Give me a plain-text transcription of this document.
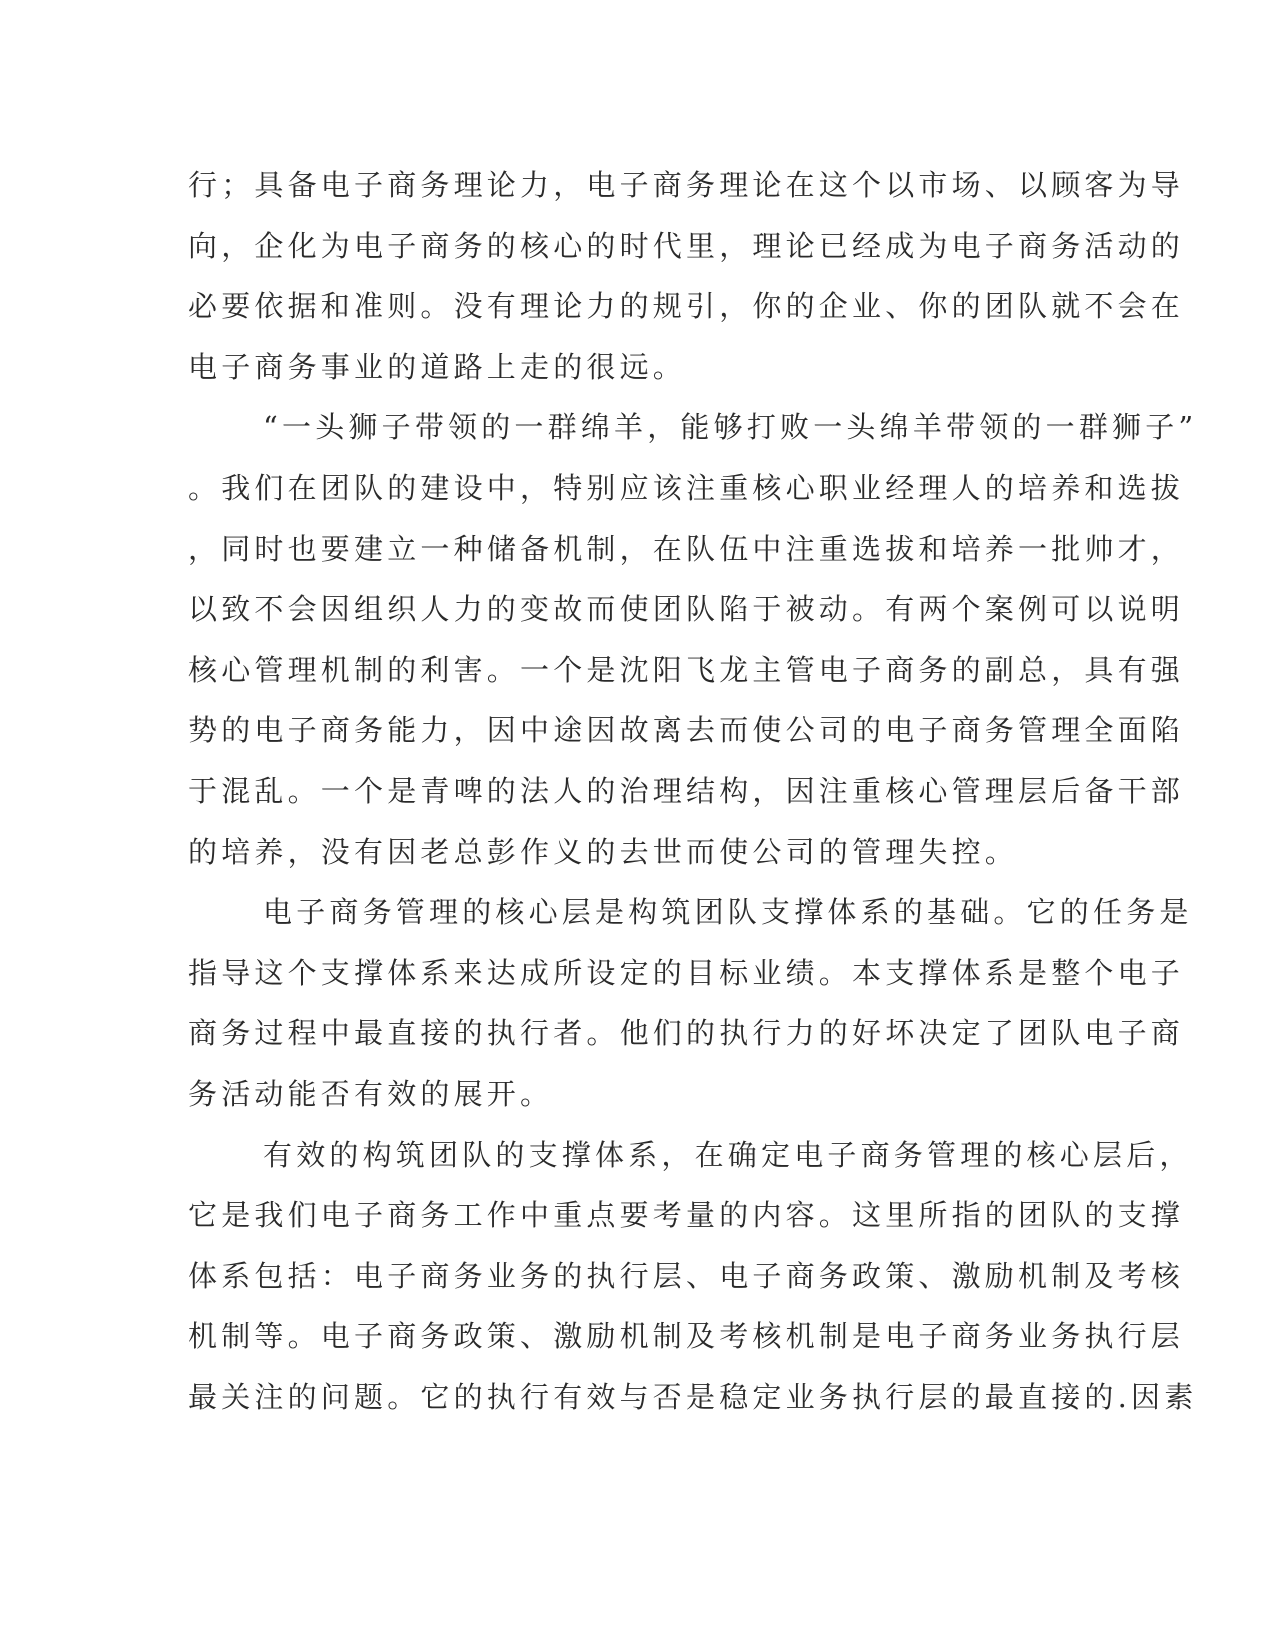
行；具备电子商务理论力，电子商务理论在这个以市场、以顾客为导
向，企化为电子商务的核心的时代里，理论已经成为电子商务活动的
必要依据和准则。没有理论力的规引，你的企业、你的团队就不会在
电子商务事业的道路上走的很远。
“一头狮子带领的一群绵羊，能够打败一头绵羊带领的一群狮子”
。我们在团队的建设中，特别应该注重核心职业经理人的培养和选拔
，同时也要建立一种储备机制，在队伍中注重选拔和培养一批帅才，
以致不会因组织人力的变故而使团队陷于被动。有两个案例可以说明
核心管理机制的利害。一个是沈阳飞龙主管电子商务的副总，具有强
势的电子商务能力，因中途因故离去而使公司的电子商务管理全面陷
于混乱。一个是青啤的法人的治理结构，因注重核心管理层后备干部
的培养，没有因老总彭作义的去世而使公司的管理失控。
电子商务管理的核心层是构筑团队支撑体系的基础。它的任务是
指导这个支撑体系来达成所设定的目标业绩。本支撑体系是整个电子
商务过程中最直接的执行者。他们的执行力的好坏决定了团队电子商
务活动能否有效的展开。
有效的构筑团队的支撑体系，在确定电子商务管理的核心层后，
它是我们电子商务工作中重点要考量的内容。这里所指的团队的支撑
体系包括：电子商务业务的执行层、电子商务政策、激励机制及考核
机制等。电子商务政策、激励机制及考核机制是电子商务业务执行层
最关注的问题。它的执行有效与否是稳定业务执行层的最直接的.因素
